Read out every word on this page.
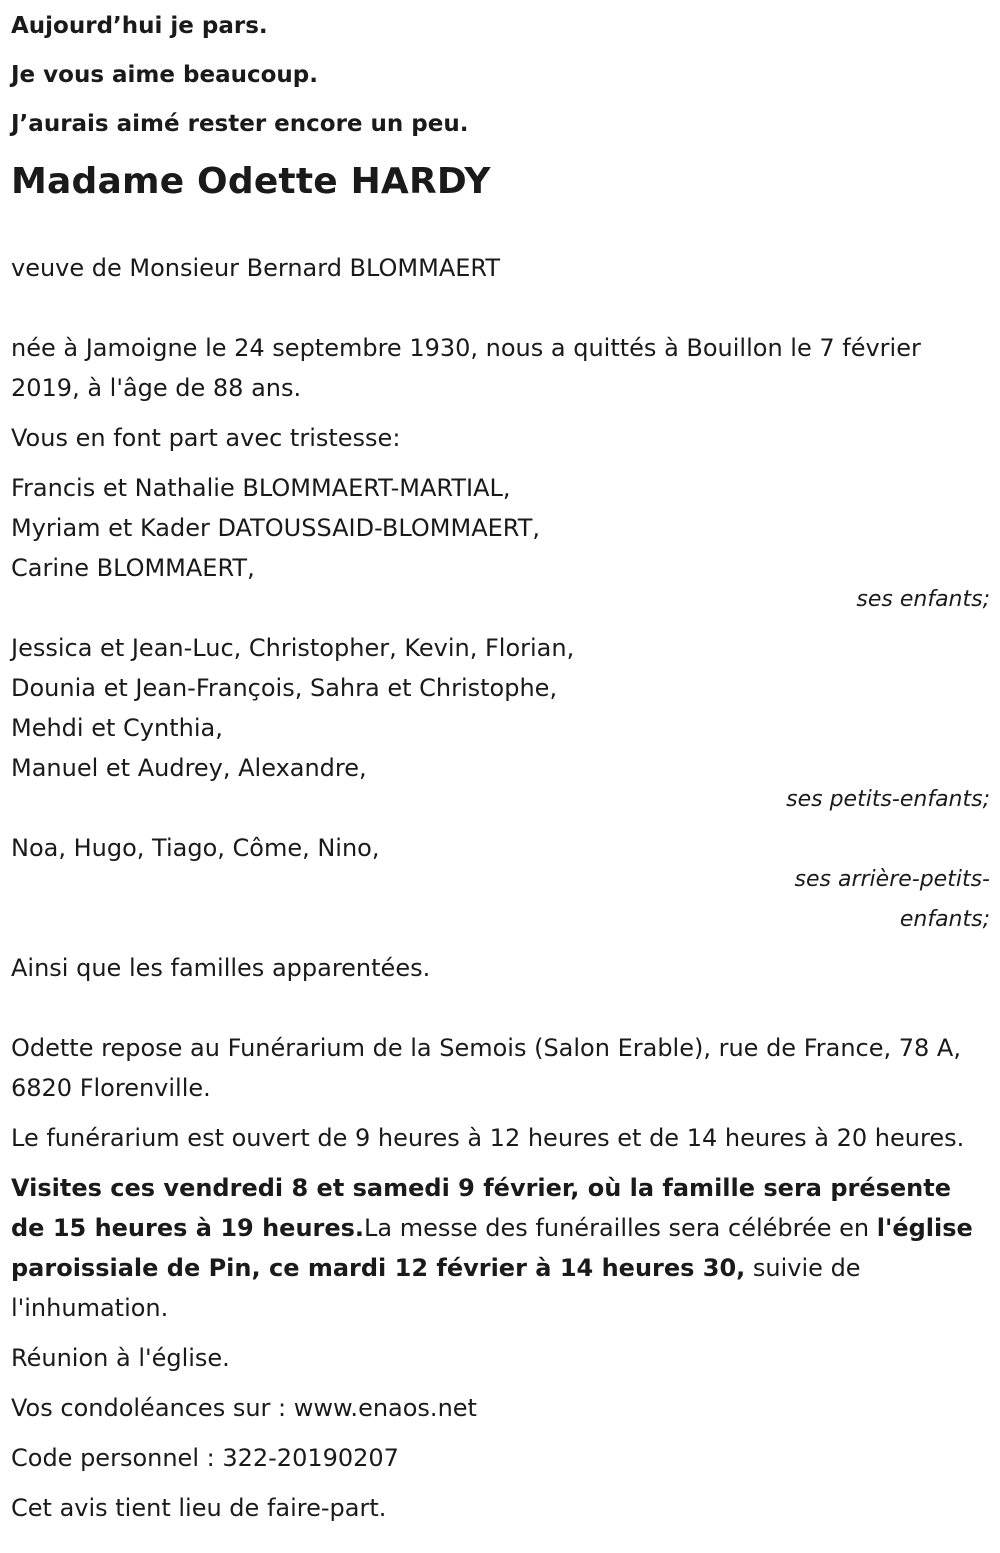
Aujourd’hui je pars.
Je vous aime beaucoup.
J’aurais aimé rester encore un peu.
Madame Odette HARDY

veuve de Monsieur Bernard BLOMMAERT

née à Jamoigne le 24 septembre 1930, nous a quittés à Bouillon le 7 février 2019, à l'âge de 88 ans.

Vous en font part avec tristesse:

Francis et Nathalie BLOMMAERT-MARTIAL,
Myriam et Kader DATOUSSAID-BLOMMAERT,
Carine BLOMMAERT,
ses enfants;
Jessica et Jean-Luc, Christopher, Kevin, Florian,
Dounia et Jean-François, Sahra et Christophe,
Mehdi et Cynthia,
Manuel et Audrey, Alexandre,
ses petits-enfants;
Noa, Hugo, Tiago, Côme, Nino,
ses arrière-petits-enfants;

Ainsi que les familles apparentées.

Odette repose au Funérarium de la Semois (Salon Erable), rue de France, 78 A, 6820 Florenville.

Le funérarium est ouvert de 9 heures à 12 heures et de 14 heures à 20 heures.

Visites ces vendredi 8 et samedi 9 février, où la famille sera présente de 15 heures à 19 heures.La messe des funérailles sera célébrée en l'église paroissiale de Pin, ce mardi 12 février à 14 heures 30, suivie de l'inhumation.

Réunion à l'église.

Vos condoléances sur : www.enaos.net

Code personnel : 322-20190207

Cet avis tient lieu de faire-part.
